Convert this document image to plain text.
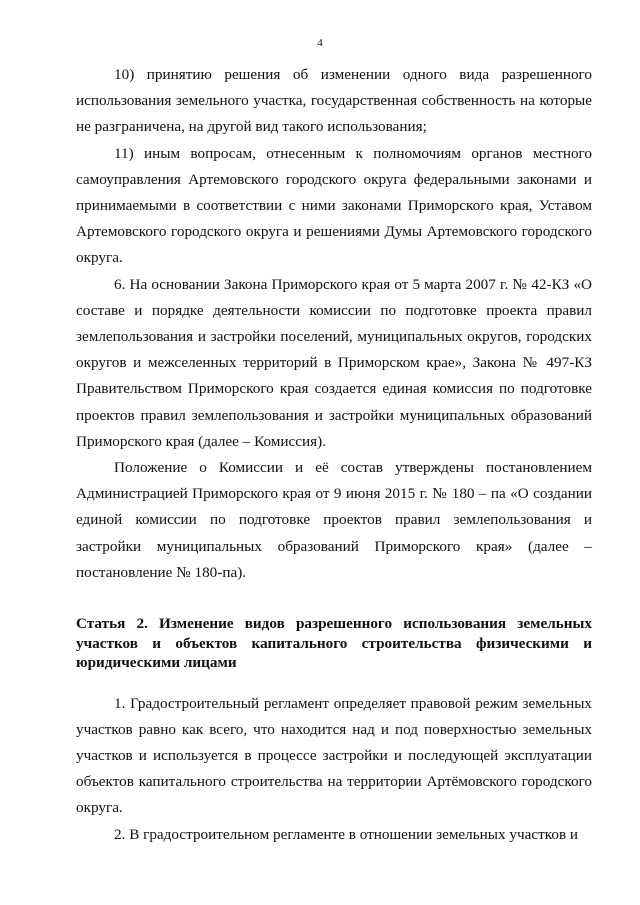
4

10) принятию решения об изменении одного вида разрешенного использования земельного участка, государственная собственность на которые не разграничена, на другой вид такого использования;

11) иным вопросам, отнесенным к полномочиям органов местного самоуправления Артемовского городского округа федеральными законами и принимаемыми в соответствии с ними законами Приморского края, Уставом Артемовского городского округа и решениями Думы Артемовского городского округа.

6. На основании Закона Приморского края от 5 марта 2007 г. № 42-КЗ «О составе и порядке деятельности комиссии по подготовке проекта правил землепользования и застройки поселений, муниципальных округов, городских округов и межселенных территорий в Приморском крае», Закона № 497-КЗ Правительством Приморского края создается единая комиссия по подготовке проектов правил землепользования и застройки муниципальных образований Приморского края (далее – Комиссия).

Положение о Комиссии и её состав утверждены постановлением Администрацией Приморского края от 9 июня 2015 г. № 180 – па «О создании единой комиссии по подготовке проектов правил землепользования и застройки муниципальных образований Приморского края» (далее – постановление № 180-па).

Статья 2. Изменение видов разрешенного использования земельных участков и объектов капитального строительства физическими и юридическими лицами

1. Градостроительный регламент определяет правовой режим земельных участков равно как всего, что находится над и под поверхностью земельных участков и используется в процессе застройки и последующей эксплуатации объектов капитального строительства на территории Артёмовского городского округа.

2. В градостроительном регламенте в отношении земельных участков и
